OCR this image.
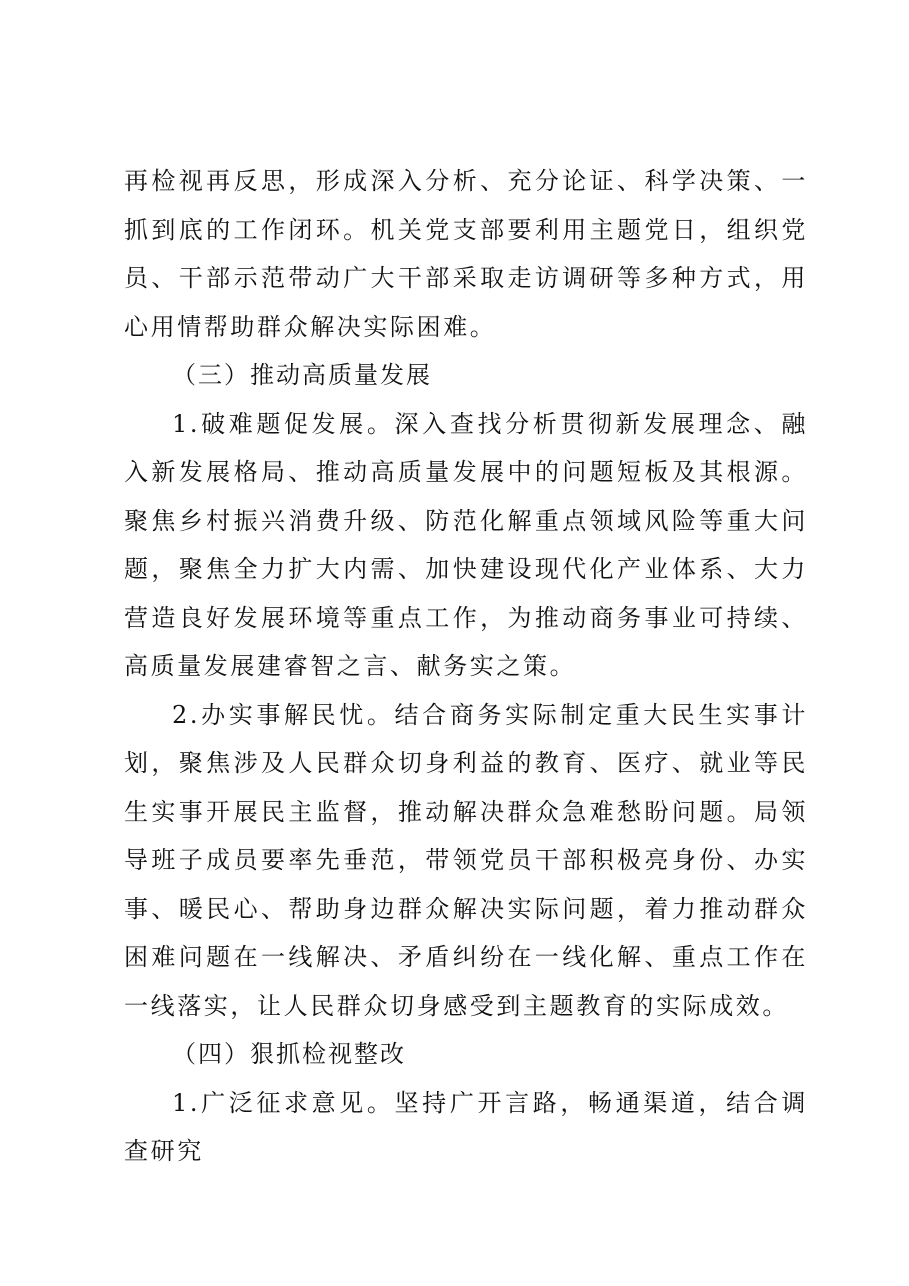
再检视再反思，形成深入分析、充分论证、科学决策、一抓到底的工作闭环。机关党支部要利用主题党日，组织党员、干部示范带动广大干部采取走访调研等多种方式，用心用情帮助群众解决实际困难。

（三）推动高质量发展

1.破难题促发展。深入查找分析贯彻新发展理念、融入新发展格局、推动高质量发展中的问题短板及其根源。聚焦乡村振兴消费升级、防范化解重点领域风险等重大问题，聚焦全力扩大内需、加快建设现代化产业体系、大力营造良好发展环境等重点工作，为推动商务事业可持续、高质量发展建睿智之言、献务实之策。

2.办实事解民忧。结合商务实际制定重大民生实事计划，聚焦涉及人民群众切身利益的教育、医疗、就业等民生实事开展民主监督，推动解决群众急难愁盼问题。局领导班子成员要率先垂范，带领党员干部积极亮身份、办实事、暖民心、帮助身边群众解决实际问题，着力推动群众困难问题在一线解决、矛盾纠纷在一线化解、重点工作在一线落实，让人民群众切身感受到主题教育的实际成效。

（四）狠抓检视整改

1.广泛征求意见。坚持广开言路，畅通渠道，结合调查研究
